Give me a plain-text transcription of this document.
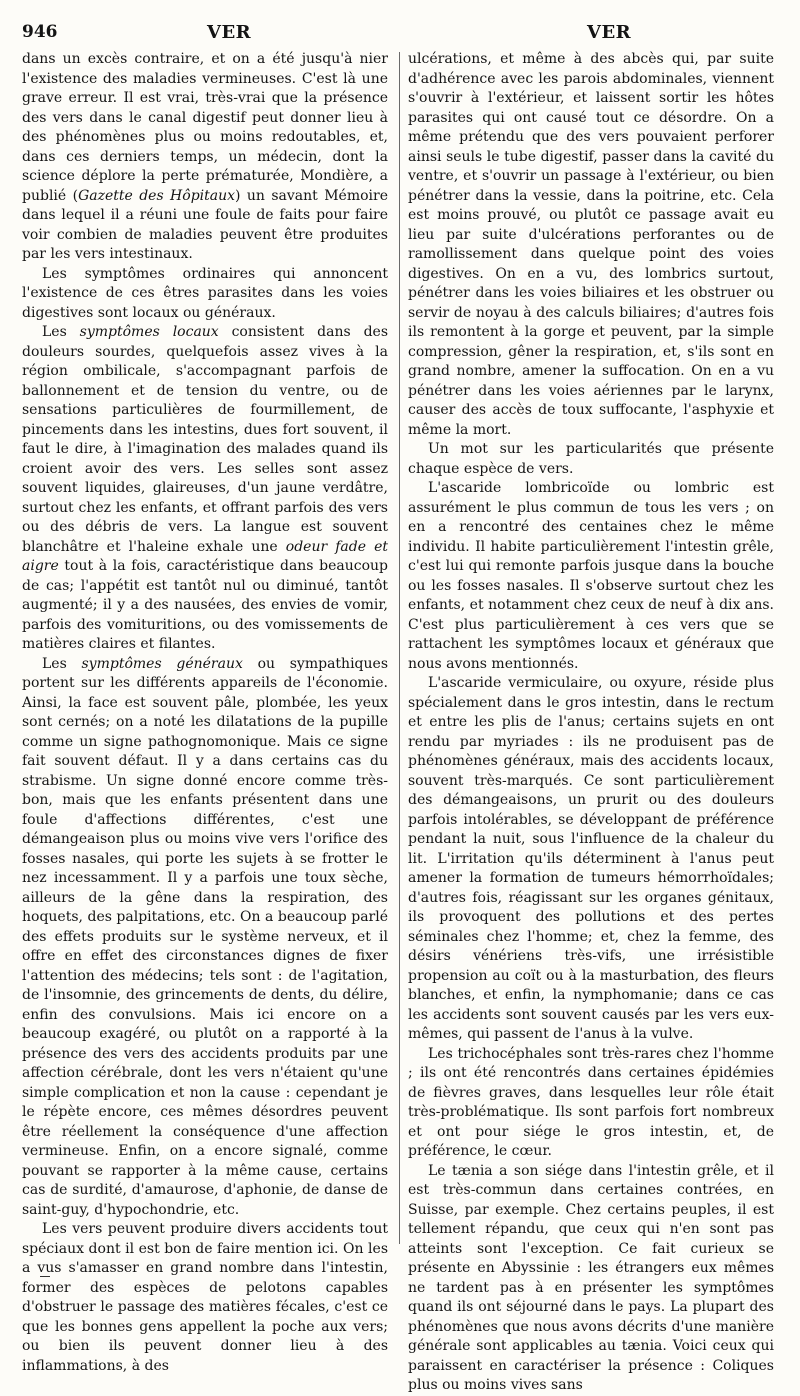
946	VER	VER

dans un excès contraire, et on a été jusqu'à nier l'existence des maladies vermineuses. C'est là une grave erreur. Il est vrai, très-vrai que la présence des vers dans le canal digestif peut donner lieu à des phénomènes plus ou moins redoutables, et, dans ces derniers temps, un médecin, dont la science déplore la perte prématurée, Mondière, a publié (Gazette des Hôpitaux) un savant Mémoire dans lequel il a réuni une foule de faits pour faire voir combien de maladies peuvent être produites par les vers intestinaux.

Les symptômes ordinaires qui annoncent l'existence de ces êtres parasites dans les voies digestives sont locaux ou généraux.

Les symptômes locaux consistent dans des douleurs sourdes, quelquefois assez vives à la région ombilicale, s'accompagnant parfois de ballonnement et de tension du ventre, ou de sensations particulières de fourmillement, de pincements dans les intestins, dues fort souvent, il faut le dire, à l'imagination des malades quand ils croient avoir des vers. Les selles sont assez souvent liquides, glaireuses, d'un jaune verdâtre, surtout chez les enfants, et offrant parfois des vers ou des débris de vers. La langue est souvent blanchâtre et l'haleine exhale une odeur fade et aigre tout à la fois, caractéristique dans beaucoup de cas; l'appétit est tantôt nul ou diminué, tantôt augmenté; il y a des nausées, des envies de vomir, parfois des vomituritions, ou des vomissements de matières claires et filantes.

Les symptômes généraux ou sympathiques portent sur les différents appareils de l'économie. Ainsi, la face est souvent pâle, plombée, les yeux sont cernés; on a noté les dilatations de la pupille comme un signe pathognomonique. Mais ce signe fait souvent défaut. Il y a dans certains cas du strabisme. Un signe donné encore comme très-bon, mais que les enfants présentent dans une foule d'affections différentes, c'est une démangeaison plus ou moins vive vers l'orifice des fosses nasales, qui porte les sujets à se frotter le nez incessamment. Il y a parfois une toux sèche, ailleurs de la gêne dans la respiration, des hoquets, des palpitations, etc. On a beaucoup parlé des effets produits sur le système nerveux, et il offre en effet des circonstances dignes de fixer l'attention des médecins; tels sont : de l'agitation, de l'insomnie, des grincements de dents, du délire, enfin des convulsions. Mais ici encore on a beaucoup exagéré, ou plutôt on a rapporté à la présence des vers des accidents produits par une affection cérébrale, dont les vers n'étaient qu'une simple complication et non la cause : cependant je le répète encore, ces mêmes désordres peuvent être réellement la conséquence d'une affection vermineuse. Enfin, on a encore signalé, comme pouvant se rapporter à la même cause, certains cas de surdité, d'amaurose, d'aphonie, de danse de saint-guy, d'hypochondrie, etc.

Les vers peuvent produire divers accidents tout spéciaux dont il est bon de faire mention ici. On les a vus s'amasser en grand nombre dans l'intestin, former des espèces de pelotons capables d'obstruer le passage des matières fécales, c'est ce que les bonnes gens appellent la poche aux vers; ou bien ils peuvent donner lieu à des inflammations, à des

ulcérations, et même à des abcès qui, par suite d'adhérence avec les parois abdominales, viennent s'ouvrir à l'extérieur, et laissent sortir les hôtes parasites qui ont causé tout ce désordre. On a même prétendu que des vers pouvaient perforer ainsi seuls le tube digestif, passer dans la cavité du ventre, et s'ouvrir un passage à l'extérieur, ou bien pénétrer dans la vessie, dans la poitrine, etc. Cela est moins prouvé, ou plutôt ce passage avait eu lieu par suite d'ulcérations perforantes ou de ramollissement dans quelque point des voies digestives. On en a vu, des lombrics surtout, pénétrer dans les voies biliaires et les obstruer ou servir de noyau à des calculs biliaires; d'autres fois ils remontent à la gorge et peuvent, par la simple compression, gêner la respiration, et, s'ils sont en grand nombre, amener la suffocation. On en a vu pénétrer dans les voies aériennes par le larynx, causer des accès de toux suffocante, l'asphyxie et même la mort.

Un mot sur les particularités que présente chaque espèce de vers.

L'ascaride lombricoïde ou lombric est assurément le plus commun de tous les vers ; on en a rencontré des centaines chez le même individu. Il habite particulièrement l'intestin grêle, c'est lui qui remonte parfois jusque dans la bouche ou les fosses nasales. Il s'observe surtout chez les enfants, et notamment chez ceux de neuf à dix ans. C'est plus particulièrement à ces vers que se rattachent les symptômes locaux et généraux que nous avons mentionnés.

L'ascaride vermiculaire, ou oxyure, réside plus spécialement dans le gros intestin, dans le rectum et entre les plis de l'anus; certains sujets en ont rendu par myriades : ils ne produisent pas de phénomènes généraux, mais des accidents locaux, souvent très-marqués. Ce sont particulièrement des démangeaisons, un prurit ou des douleurs parfois intolérables, se développant de préférence pendant la nuit, sous l'influence de la chaleur du lit. L'irritation qu'ils déterminent à l'anus peut amener la formation de tumeurs hémorrhoïdales; d'autres fois, réagissant sur les organes génitaux, ils provoquent des pollutions et des pertes séminales chez l'homme; et, chez la femme, des désirs vénériens très-vifs, une irrésistible propension au coït ou à la masturbation, des fleurs blanches, et enfin, la nymphomanie; dans ce cas les accidents sont souvent causés par les vers eux-mêmes, qui passent de l'anus à la vulve.

Les trichocéphales sont très-rares chez l'homme ; ils ont été rencontrés dans certaines épidémies de fièvres graves, dans lesquelles leur rôle était très-problématique. Ils sont parfois fort nombreux et ont pour siége le gros intestin, et, de préférence, le cœur.

Le tænia a son siége dans l'intestin grêle, et il est très-commun dans certaines contrées, en Suisse, par exemple. Chez certains peuples, il est tellement répandu, que ceux qui n'en sont pas atteints sont l'exception. Ce fait curieux se présente en Abyssinie : les étrangers eux mêmes ne tardent pas à en présenter les symptômes quand ils ont séjourné dans le pays. La plupart des phénomènes que nous avons décrits d'une manière générale sont applicables au tænia. Voici ceux qui paraissent en caractériser la présence : Coliques plus ou moins vives sans
